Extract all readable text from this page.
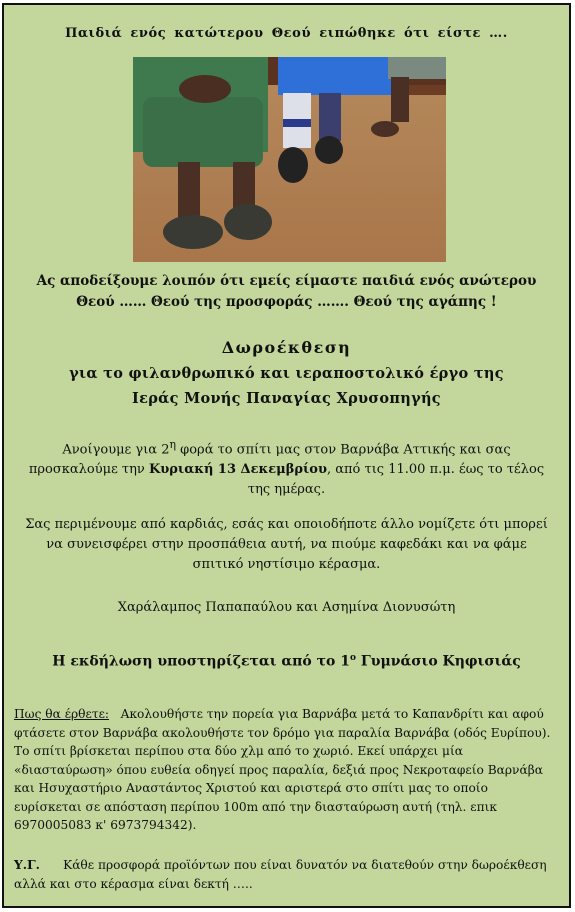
Παιδιά ενός κατώτερου Θεού ειπώθηκε ότι είστε ….
Ας αποδείξουμε λοιπόν ότι εμείς είμαστε παιδιά ενός ανώτερου Θεού …… Θεού της προσφοράς ……. Θεού της αγάπης !
Δωροέκθεση
για το φιλανθρωπικό και ιεραποστολικό έργο της
Ιεράς Μονής Παναγίας Χρυσοπηγής
Ανοίγουμε για $2^\eta$ φορά το σπίτι μας στον Βαρνάβα Αττικής και σας προσκαλούμε την Κυριακή 13 Δεκεμβρίου, από τις 11.00 π.μ. έως το τέλος της ημέρας.
Σας περιμένουμε από καρδιάς, εσάς και οποιοδήποτε άλλο νομίζετε ότι μπορεί να συνεισφέρει στην προσπάθεια αυτή, να πιούμε καφεδάκι και να φάμε σπιτικό νηστίσιμο κέρασμα.
Χαράλαμπος Παπαπαύλου και Ασημίνα Διονυσώτη
Η εκδήλωση υποστηρίζεται από το $1^o$ Γυμνάσιο Κηφισιάς
Πως θα έρθετε:   Ακολουθήστε την πορεία για Βαρνάβα μετά το Καπανδρίτι και αφού φτάσετε στον Βαρνάβα ακολουθήστε τον δρόμο για παραλία Βαρνάβα (οδός Ευρίπου). Το σπίτι βρίσκεται περίπου στα δύο χλμ από το χωριό. Εκεί υπάρχει μία «διασταύρωση» όπου ευθεία οδηγεί προς παραλία, δεξιά προς Νεκροταφείο Βαρνάβα και Ησυχαστήριο Αναστάντος Χριστού και αριστερά στο σπίτι μας το οποίο ευρίσκεται σε απόσταση περίπου 100m από την διασταύρωση αυτή (τηλ. επικ 6970005083 κ' 6973794342).
Υ.Γ.      Κάθε προσφορά προϊόντων που είναι δυνατόν να διατεθούν στην δωροέκθεση αλλά και στο κέρασμα είναι δεκτή …..
